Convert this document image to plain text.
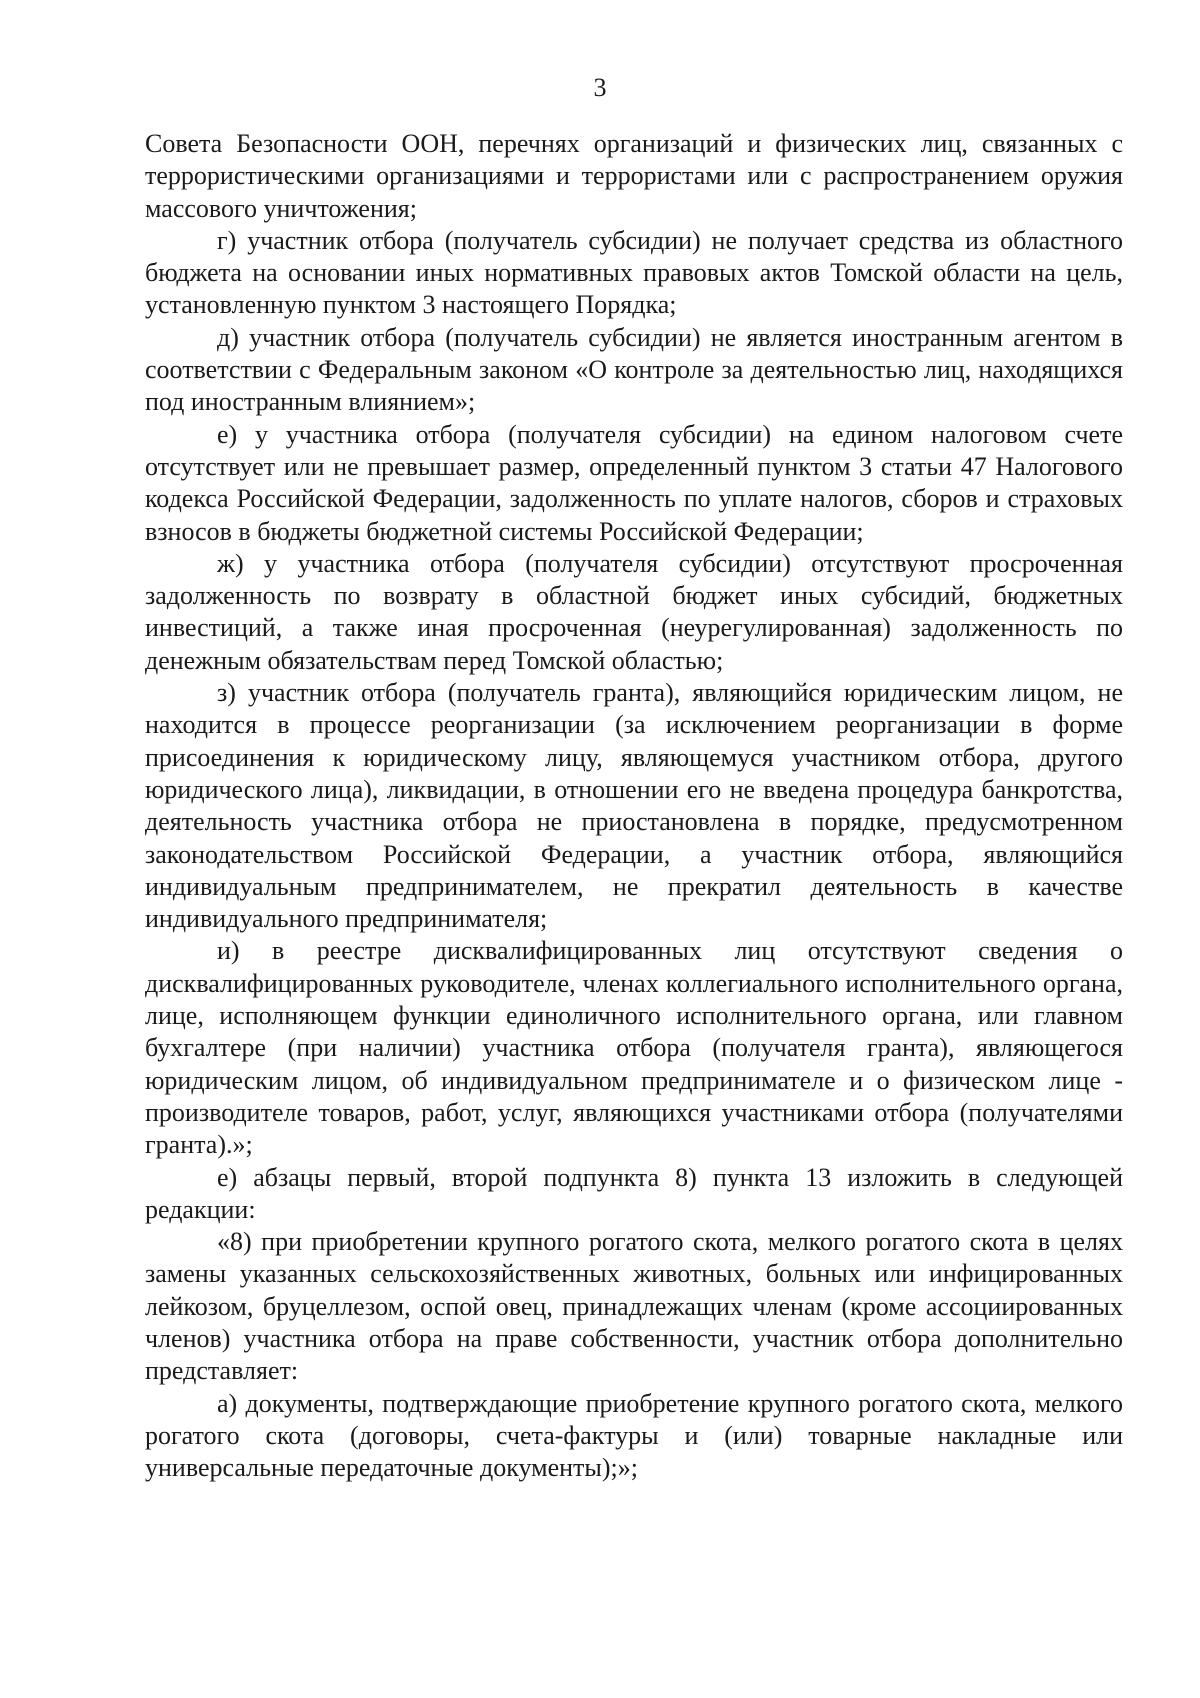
3

Совета Безопасности ООН, перечнях организаций и физических лиц, связанных с террористическими организациями и террористами или с распространением оружия массового уничтожения;

г) участник отбора (получатель субсидии) не получает средства из областного бюджета на основании иных нормативных правовых актов Томской области на цель, установленную пунктом 3 настоящего Порядка;

д) участник отбора (получатель субсидии) не является иностранным агентом в соответствии с Федеральным законом «О контроле за деятельностью лиц, находящихся под иностранным влиянием»;

е) у участника отбора (получателя субсидии) на едином налоговом счете отсутствует или не превышает размер, определенный пунктом 3 статьи 47 Налогового кодекса Российской Федерации, задолженность по уплате налогов, сборов и страховых взносов в бюджеты бюджетной системы Российской Федерации;

ж) у участника отбора (получателя субсидии) отсутствуют просроченная задолженность по возврату в областной бюджет иных субсидий, бюджетных инвестиций, а также иная просроченная (неурегулированная) задолженность по денежным обязательствам перед Томской областью;

з) участник отбора (получатель гранта), являющийся юридическим лицом, не находится в процессе реорганизации (за исключением реорганизации в форме присоединения к юридическому лицу, являющемуся участником отбора, другого юридического лица), ликвидации, в отношении его не введена процедура банкротства, деятельность участника отбора не приостановлена в порядке, предусмотренном законодательством Российской Федерации, а участник отбора, являющийся индивидуальным предпринимателем, не прекратил деятельность в качестве индивидуального предпринимателя;

и) в реестре дисквалифицированных лиц отсутствуют сведения о дисквалифицированных руководителе, членах коллегиального исполнительного органа, лице, исполняющем функции единоличного исполнительного органа, или главном бухгалтере (при наличии) участника отбора (получателя гранта), являющегося юридическим лицом, об индивидуальном предпринимателе и о физическом лице - производителе товаров, работ, услуг, являющихся участниками отбора (получателями гранта).»;

е) абзацы первый, второй подпункта 8) пункта 13 изложить в следующей редакции:

«8) при приобретении крупного рогатого скота, мелкого рогатого скота в целях замены указанных сельскохозяйственных животных, больных или инфицированных лейкозом, бруцеллезом, оспой овец, принадлежащих членам (кроме ассоциированных членов) участника отбора на праве собственности, участник отбора дополнительно представляет:

а) документы, подтверждающие приобретение крупного рогатого скота, мелкого рогатого скота (договоры, счета-фактуры и (или) товарные накладные или универсальные передаточные документы);»;
